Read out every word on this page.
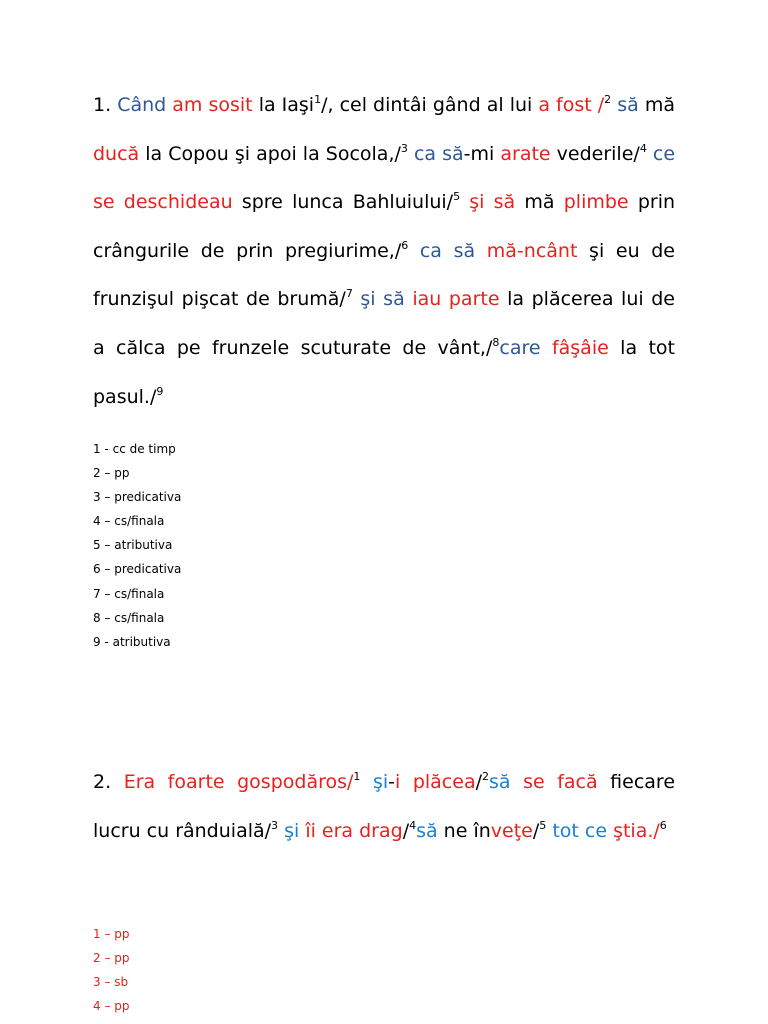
1. Când am sosit la Iaşi$^1$/, cel dintâi gând al lui a fost /$^2$ să mă ducă la Copou şi apoi la Socola,/$^3$ ca să-mi arate vederile/$^4$ ce se deschideau spre lunca Bahluiului/$^5$ şi să mă plimbe prin crângurile de prin pregiurime,/$^6$ ca să mă-ncânt şi eu de frunzişul pişcat de brumă/$^7$ şi să iau parte la plăcerea lui de a călca pe frunzele scuturate de vânt,/$^8$care fâşâie la tot pasul./$^9$

1 - cc de timp
2 – pp
3 – predicativa
4 – cs/finala
5 – atributiva
6 – predicativa
7 – cs/finala
8 – cs/finala
9 - atributiva

2. Era foarte gospodăros/$^1$ şi-i plăcea/$^2$să se facă fiecare lucru cu rânduială/$^3$ şi îi era drag/$^4$să ne înveţe/$^5$ tot ce ştia./$^6$

1 – pp
2 – pp
3 – sb
4 – pp
